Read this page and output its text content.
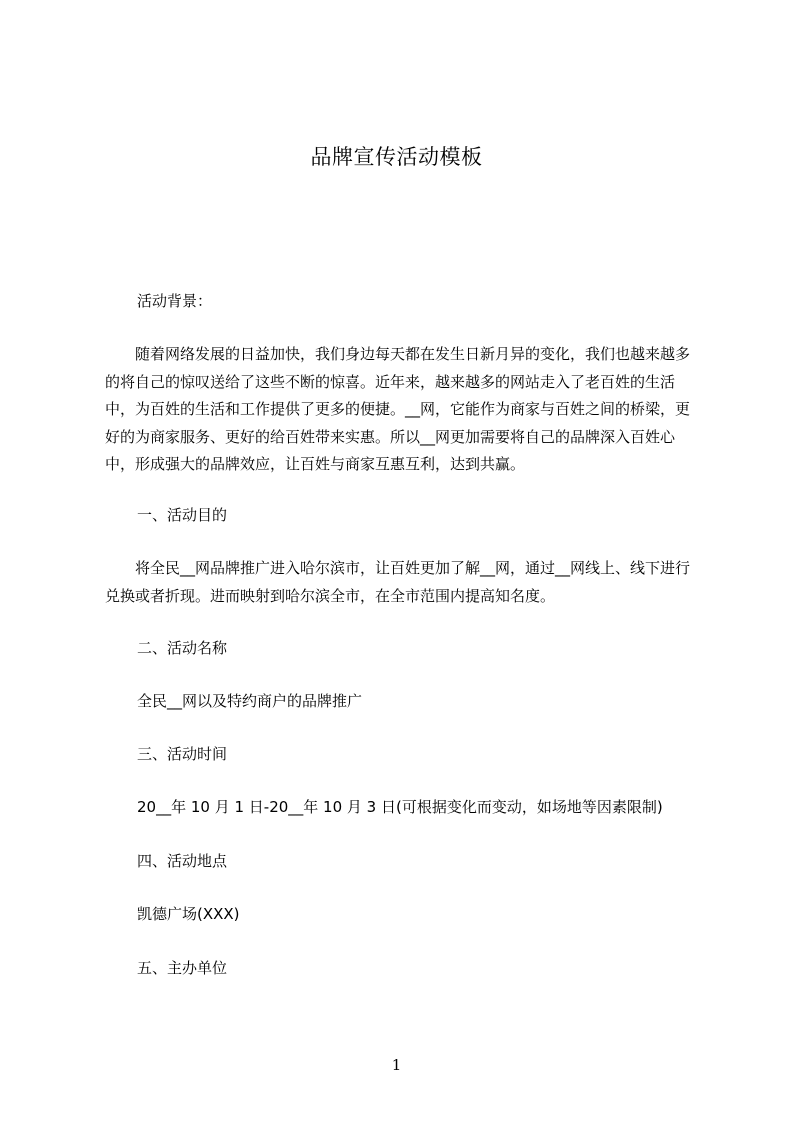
品牌宣传活动模板
活动背景：

随着网络发展的日益加快，我们身边每天都在发生日新月异的变化，我们也越来越多的将自己的惊叹送给了这些不断的惊喜。近年来，越来越多的网站走入了老百姓的生活中，为百姓的生活和工作提供了更多的便捷。__网，它能作为商家与百姓之间的桥梁，更好的为商家服务、更好的给百姓带来实惠。所以__网更加需要将自己的品牌深入百姓心中，形成强大的品牌效应，让百姓与商家互惠互利，达到共赢。

一、活动目的

将全民__网品牌推广进入哈尔滨市，让百姓更加了解__网，通过__网线上、线下进行兑换或者折现。进而映射到哈尔滨全市，在全市范围内提高知名度。

二、活动名称
全民__网以及特约商户的品牌推广
三、活动时间
20__年 10 月 1 日-20__年 10 月 3 日(可根据变化而变动，如场地等因素限制)
四、活动地点
凯德广场(XXX)
五、主办单位
1
